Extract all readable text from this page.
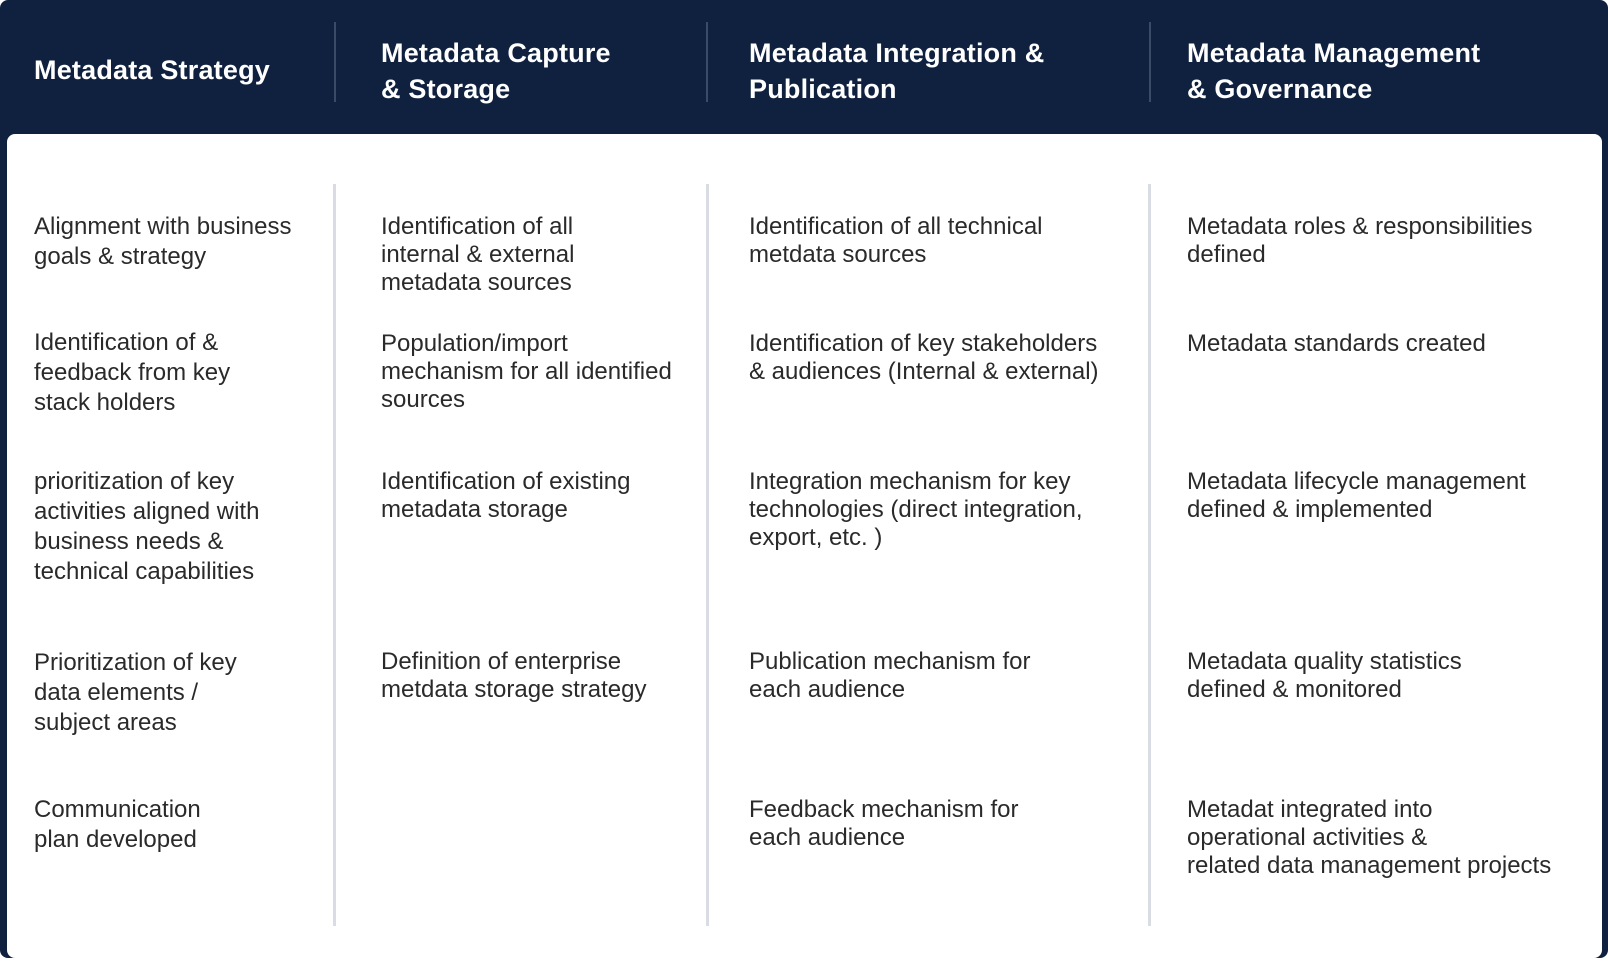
Metadata Strategy
Metadata Capture
& Storage
Metadata Integration &
Publication
Metadata Management
& Governance

Alignment with business
goals & strategy

Identification of &
feedback from key
stack holders

prioritization of key
activities aligned with
business needs &
technical capabilities

Prioritization of key
data elements /
subject areas

Communication
plan developed

Identification of all
internal & external
metadata sources

Population/import
mechanism for all identified
sources

Identification of existing
metadata storage

Definition of enterprise
metdata storage strategy

Identification of all technical
metdata sources

Identification of key stakeholders
& audiences (Internal & external)

Integration mechanism for key
technologies (direct integration,
export, etc. )

Publication mechanism for
each audience

Feedback mechanism for
each audience

Metadata roles & responsibilities
defined

Metadata standards created

Metadata lifecycle management
defined & implemented

Metadata quality statistics
defined & monitored

Metadat integrated into
operational activities &
related data management projects
